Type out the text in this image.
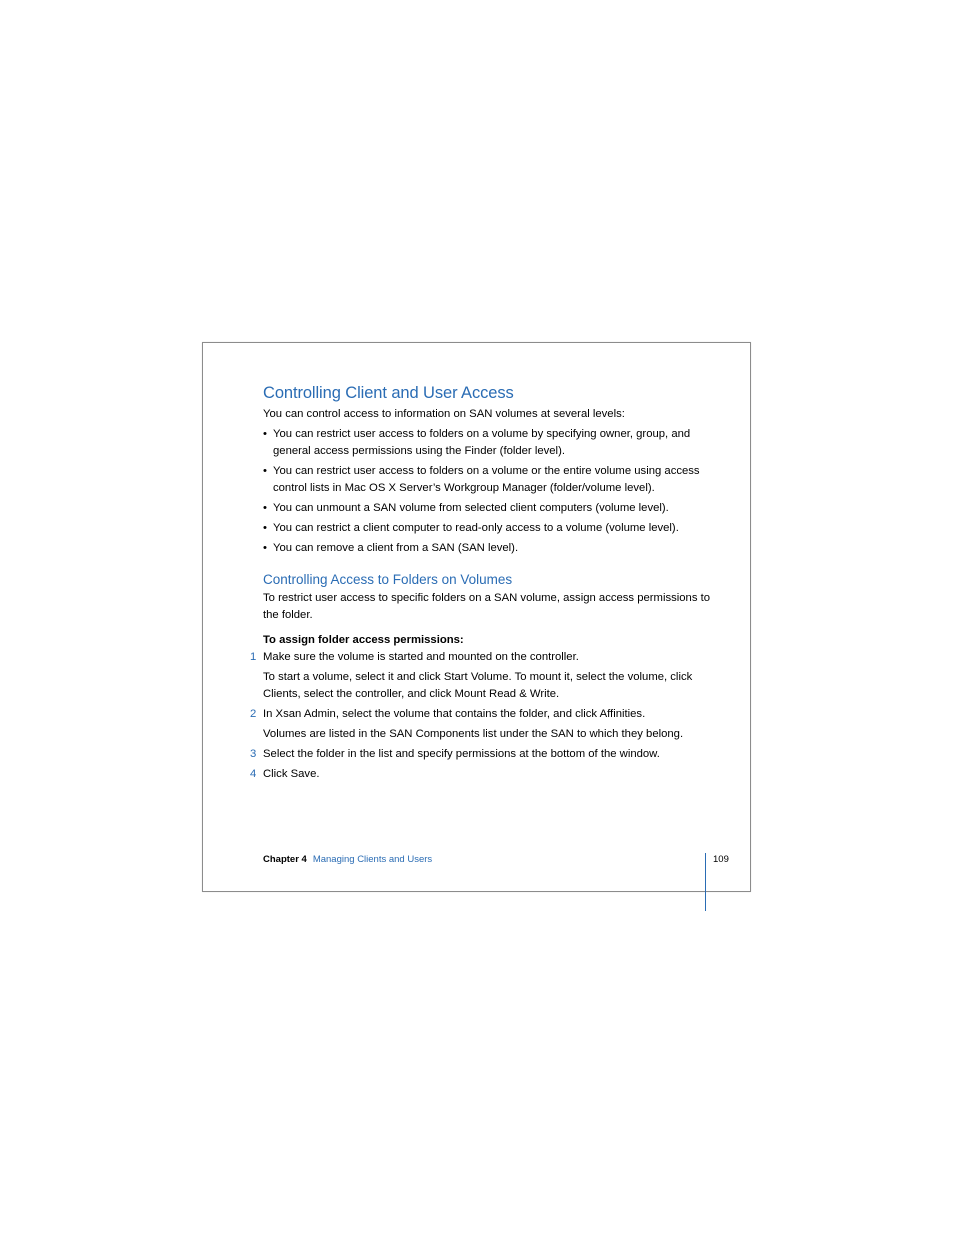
Controlling Client and User Access

You can control access to information on SAN volumes at several levels:

• You can restrict user access to folders on a volume by specifying owner, group, and general access permissions using the Finder (folder level).
• You can restrict user access to folders on a volume or the entire volume using access control lists in Mac OS X Server’s Workgroup Manager (folder/volume level).
• You can unmount a SAN volume from selected client computers (volume level).
• You can restrict a client computer to read-only access to a volume (volume level).
• You can remove a client from a SAN (SAN level).
Controlling Access to Folders on Volumes

To restrict user access to specific folders on a SAN volume, assign access permissions to the folder.

To assign folder access permissions:

1 Make sure the volume is started and mounted on the controller.

To start a volume, select it and click Start Volume. To mount it, select the volume, click Clients, select the controller, and click Mount Read & Write.

2 In Xsan Admin, select the volume that contains the folder, and click Affinities.

Volumes are listed in the SAN Components list under the SAN to which they belong.

3 Select the folder in the list and specify permissions at the bottom of the window.

4 Click Save.

Chapter 4 Managing Clients and Users	109
